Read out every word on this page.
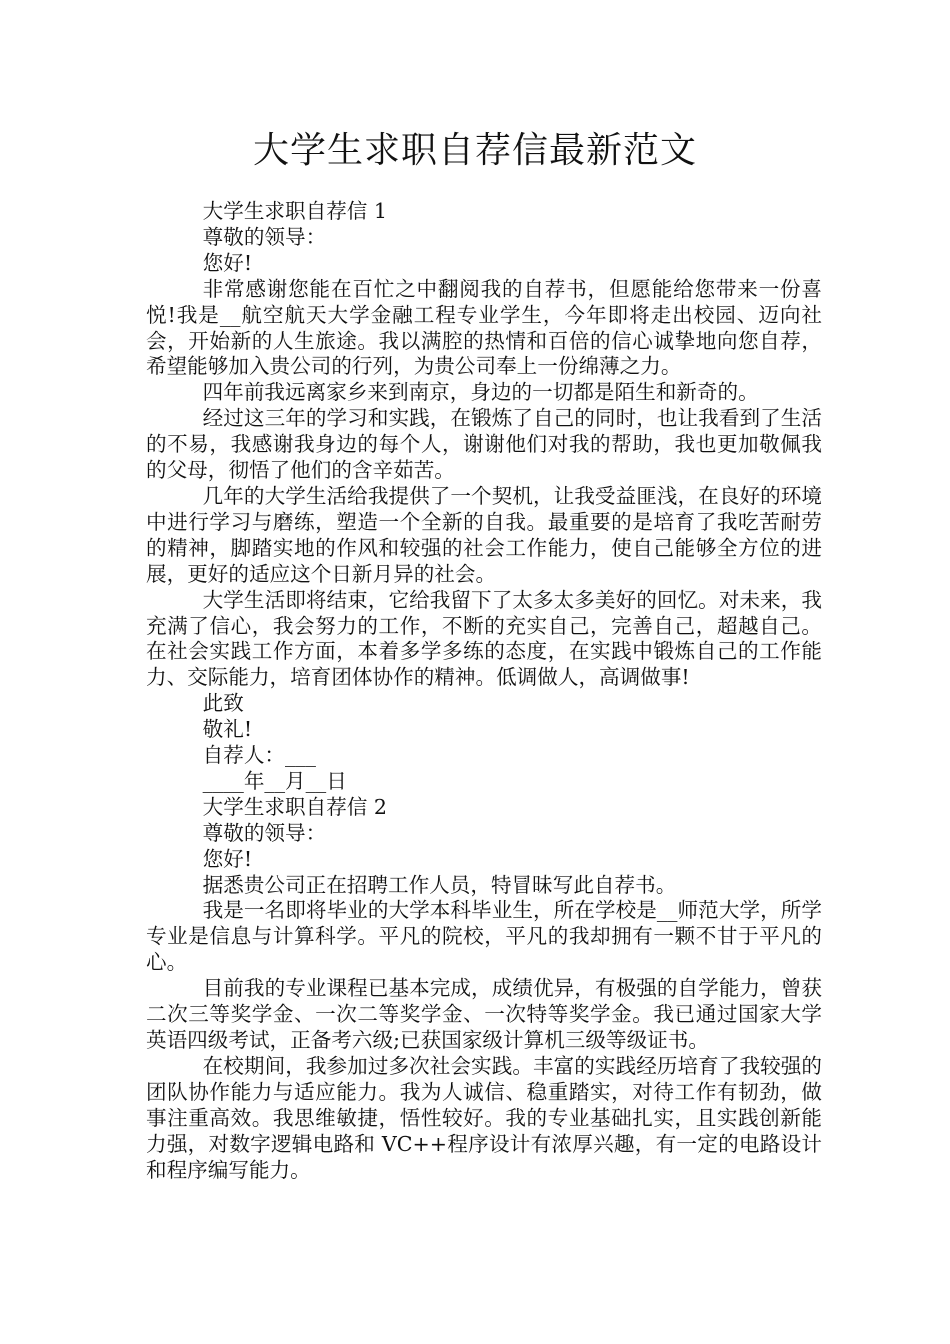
大学生求职自荐信最新范文

大学生求职自荐信 1

尊敬的领导：

您好!

非常感谢您能在百忙之中翻阅我的自荐书，但愿能给您带来一份喜悦!我是__航空航天大学金融工程专业学生，今年即将走出校园、迈向社会，开始新的人生旅途。我以满腔的热情和百倍的信心诚挚地向您自荐，希望能够加入贵公司的行列，为贵公司奉上一份绵薄之力。

四年前我远离家乡来到南京，身边的一切都是陌生和新奇的。

经过这三年的学习和实践，在锻炼了自己的同时，也让我看到了生活的不易，我感谢我身边的每个人，谢谢他们对我的帮助，我也更加敬佩我的父母，彻悟了他们的含辛茹苦。

几年的大学生活给我提供了一个契机，让我受益匪浅，在良好的环境中进行学习与磨练，塑造一个全新的自我。最重要的是培育了我吃苦耐劳的精神，脚踏实地的作风和较强的社会工作能力，使自己能够全方位的进展，更好的适应这个日新月异的社会。

大学生活即将结束，它给我留下了太多太多美好的回忆。对未来，我充满了信心，我会努力的工作，不断的充实自己，完善自己，超越自己。在社会实践工作方面，本着多学多练的态度，在实践中锻炼自己的工作能力、交际能力，培育团体协作的精神。低调做人，高调做事!

此致

敬礼!

自荐人：___

____年__月__日

大学生求职自荐信 2

尊敬的领导：

您好!

据悉贵公司正在招聘工作人员，特冒昧写此自荐书。

我是一名即将毕业的大学本科毕业生，所在学校是__师范大学，所学专业是信息与计算科学。平凡的院校，平凡的我却拥有一颗不甘于平凡的心。

目前我的专业课程已基本完成，成绩优异，有极强的自学能力，曾获二次三等奖学金、一次二等奖学金、一次特等奖学金。我已通过国家大学英语四级考试，正备考六级;已获国家级计算机三级等级证书。

在校期间，我参加过多次社会实践。丰富的实践经历培育了我较强的团队协作能力与适应能力。我为人诚信、稳重踏实，对待工作有韧劲，做事注重高效。我思维敏捷，悟性较好。我的专业基础扎实，且实践创新能力强，对数字逻辑电路和 VC++程序设计有浓厚兴趣，有一定的电路设计和程序编写能力。
